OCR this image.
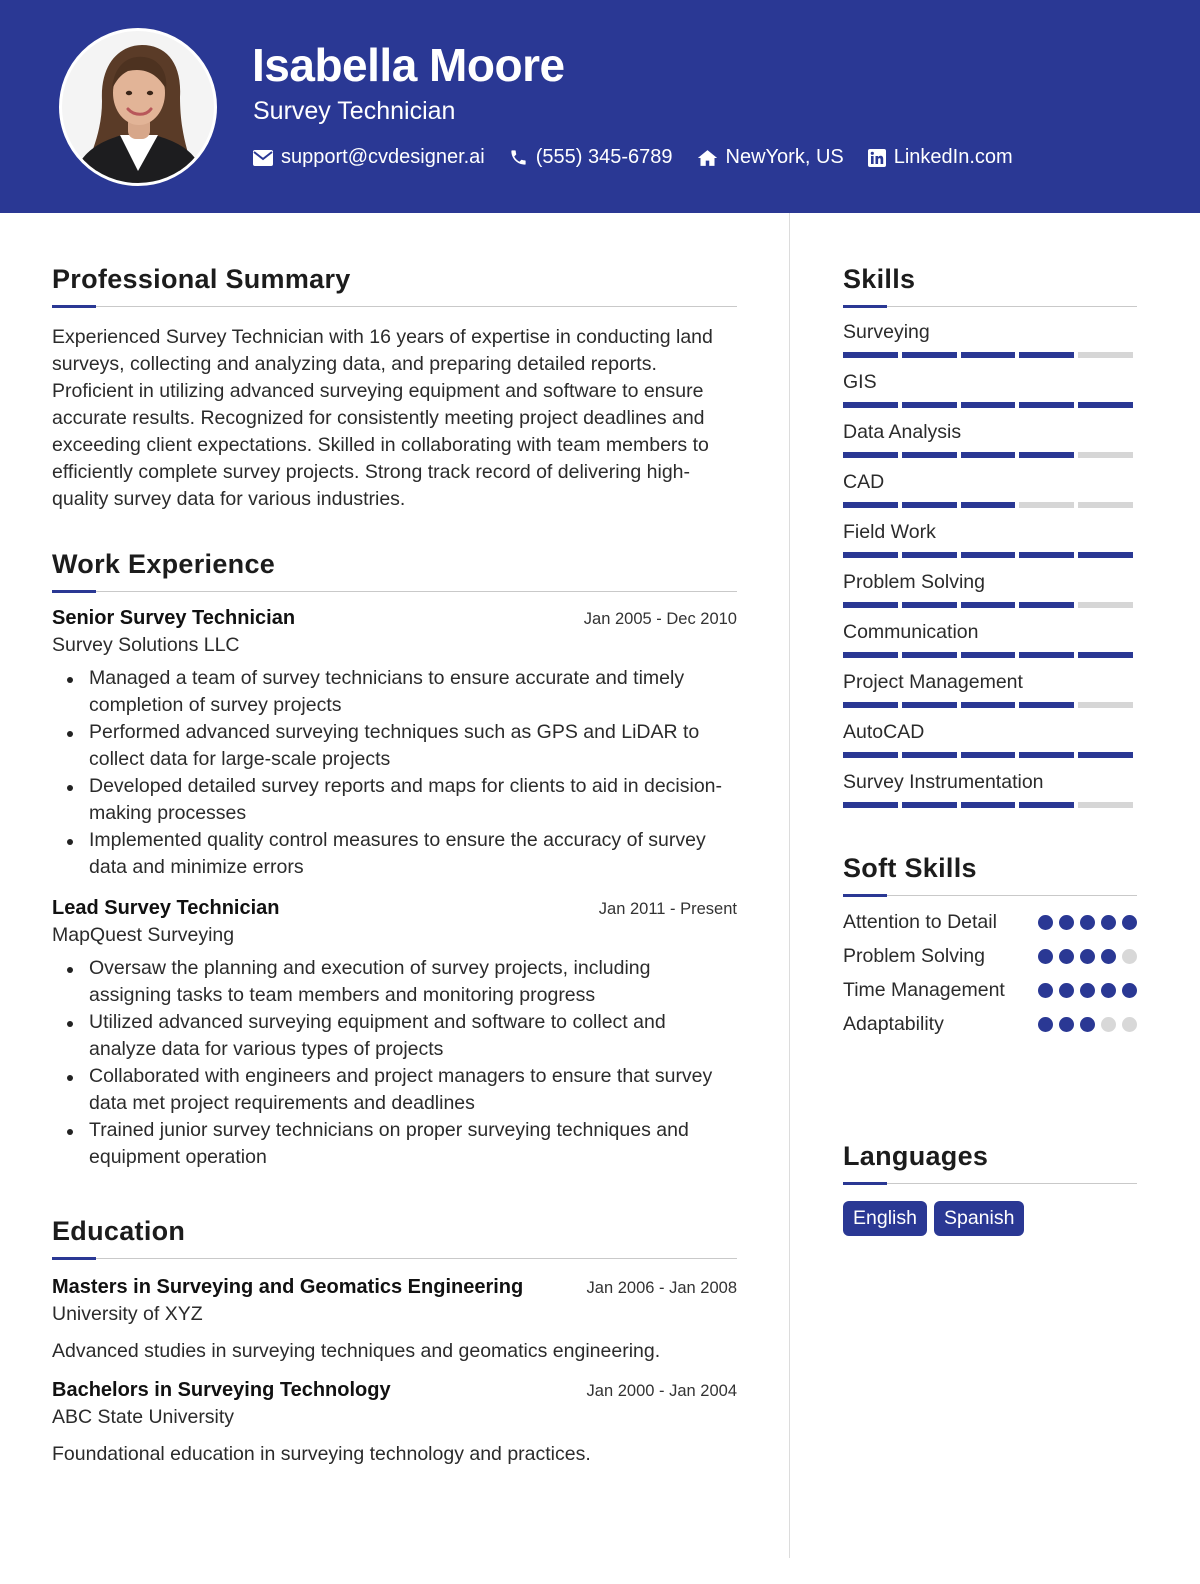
Isabella Moore
Survey Technician
support@cvdesigner.ai	(555) 345-6789	NewYork, US	LinkedIn.com
Professional Summary
Experienced Survey Technician with 16 years of expertise in conducting land surveys, collecting and analyzing data, and preparing detailed reports. Proficient in utilizing advanced surveying equipment and software to ensure accurate results. Recognized for consistently meeting project deadlines and exceeding client expectations. Skilled in collaborating with team members to efficiently complete survey projects. Strong track record of delivering high-quality survey data for various industries.
Work Experience
Senior Survey Technician	Jan 2005 - Dec 2010
Survey Solutions LLC
Managed a team of survey technicians to ensure accurate and timely completion of survey projects
Performed advanced surveying techniques such as GPS and LiDAR to collect data for large-scale projects
Developed detailed survey reports and maps for clients to aid in decision-making processes
Implemented quality control measures to ensure the accuracy of survey data and minimize errors
Lead Survey Technician	Jan 2011 - Present
MapQuest Surveying
Oversaw the planning and execution of survey projects, including assigning tasks to team members and monitoring progress
Utilized advanced surveying equipment and software to collect and analyze data for various types of projects
Collaborated with engineers and project managers to ensure that survey data met project requirements and deadlines
Trained junior survey technicians on proper surveying techniques and equipment operation
Education
Masters in Surveying and Geomatics Engineering	Jan 2006 - Jan 2008
University of XYZ
Advanced studies in surveying techniques and geomatics engineering.
Bachelors in Surveying Technology	Jan 2000 - Jan 2004
ABC State University
Foundational education in surveying technology and practices.
Skills
Surveying
GIS
Data Analysis
CAD
Field Work
Problem Solving
Communication
Project Management
AutoCAD
Survey Instrumentation
Soft Skills
Attention to Detail
Problem Solving
Time Management
Adaptability
Languages
English	Spanish
